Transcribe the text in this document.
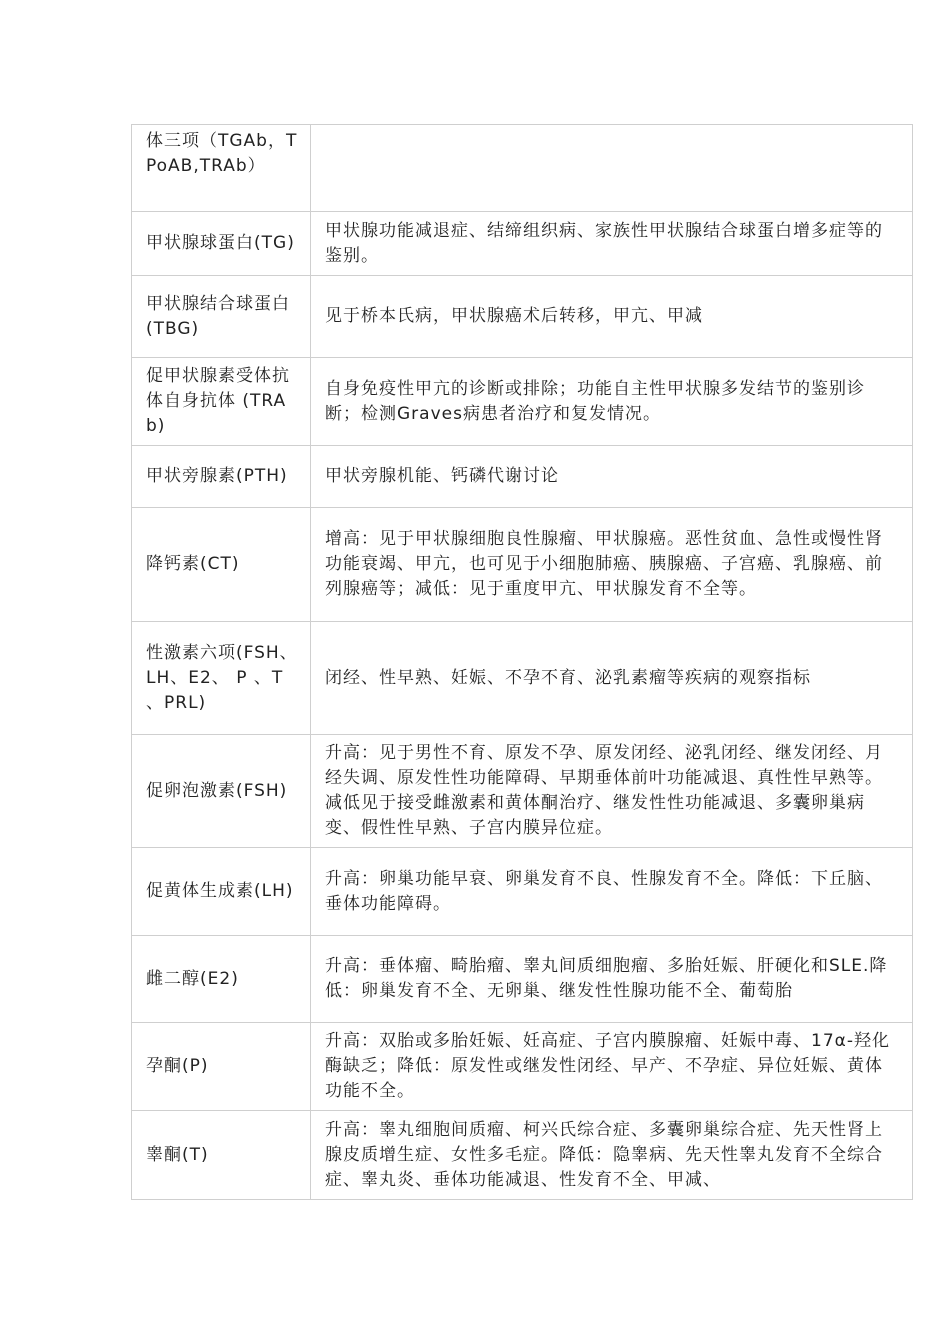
体三项（TGAb，TPoAB,TRAb）	
甲状腺球蛋白(TG)	甲状腺功能减退症、结缔组织病、家族性甲状腺结合球蛋白增多症等的鉴别。
甲状腺结合球蛋白 (TBG)	见于桥本氏病，甲状腺癌术后转移，甲亢、甲减
促甲状腺素受体抗体自身抗体 (TRAb)	自身免疫性甲亢的诊断或排除；功能自主性甲状腺多发结节的鉴别诊断；检测Graves病患者治疗和复发情况。
甲状旁腺素(PTH)	甲状旁腺机能、钙磷代谢讨论
降钙素(CT)	增高：见于甲状腺细胞良性腺瘤、甲状腺癌。恶性贫血、急性或慢性肾功能衰竭、甲亢，也可见于小细胞肺癌、胰腺癌、子宫癌、乳腺癌、前列腺癌等；减低：见于重度甲亢、甲状腺发育不全等。
性激素六项(FSH、 LH、E2、 P 、T 、PRL)	闭经、性早熟、妊娠、不孕不育、泌乳素瘤等疾病的观察指标
促卵泡激素(FSH)	升高：见于男性不育、原发不孕、原发闭经、泌乳闭经、继发闭经、月经失调、原发性性功能障碍、早期垂体前叶功能减退、真性性早熟等。减低见于接受雌激素和黄体酮治疗、继发性性功能减退、多囊卵巢病变、假性性早熟、子宫内膜异位症。
促黄体生成素(LH)	升高：卵巢功能早衰、卵巢发育不良、性腺发育不全。降低：下丘脑、垂体功能障碍。
雌二醇(E2)	升高：垂体瘤、畸胎瘤、睾丸间质细胞瘤、多胎妊娠、肝硬化和SLE.降低：卵巢发育不全、无卵巢、继发性性腺功能不全、葡萄胎
孕酮(P)	升高：双胎或多胎妊娠、妊高症、子宫内膜腺瘤、妊娠中毒、17α-羟化酶缺乏；降低：原发性或继发性闭经、早产、不孕症、异位妊娠、黄体功能不全。
睾酮(T)	升高：睾丸细胞间质瘤、柯兴氏综合症、多囊卵巢综合症、先天性肾上腺皮质增生症、女性多毛症。降低：隐睾病、先天性睾丸发育不全综合症、睾丸炎、垂体功能减退、性发育不全、甲减、
